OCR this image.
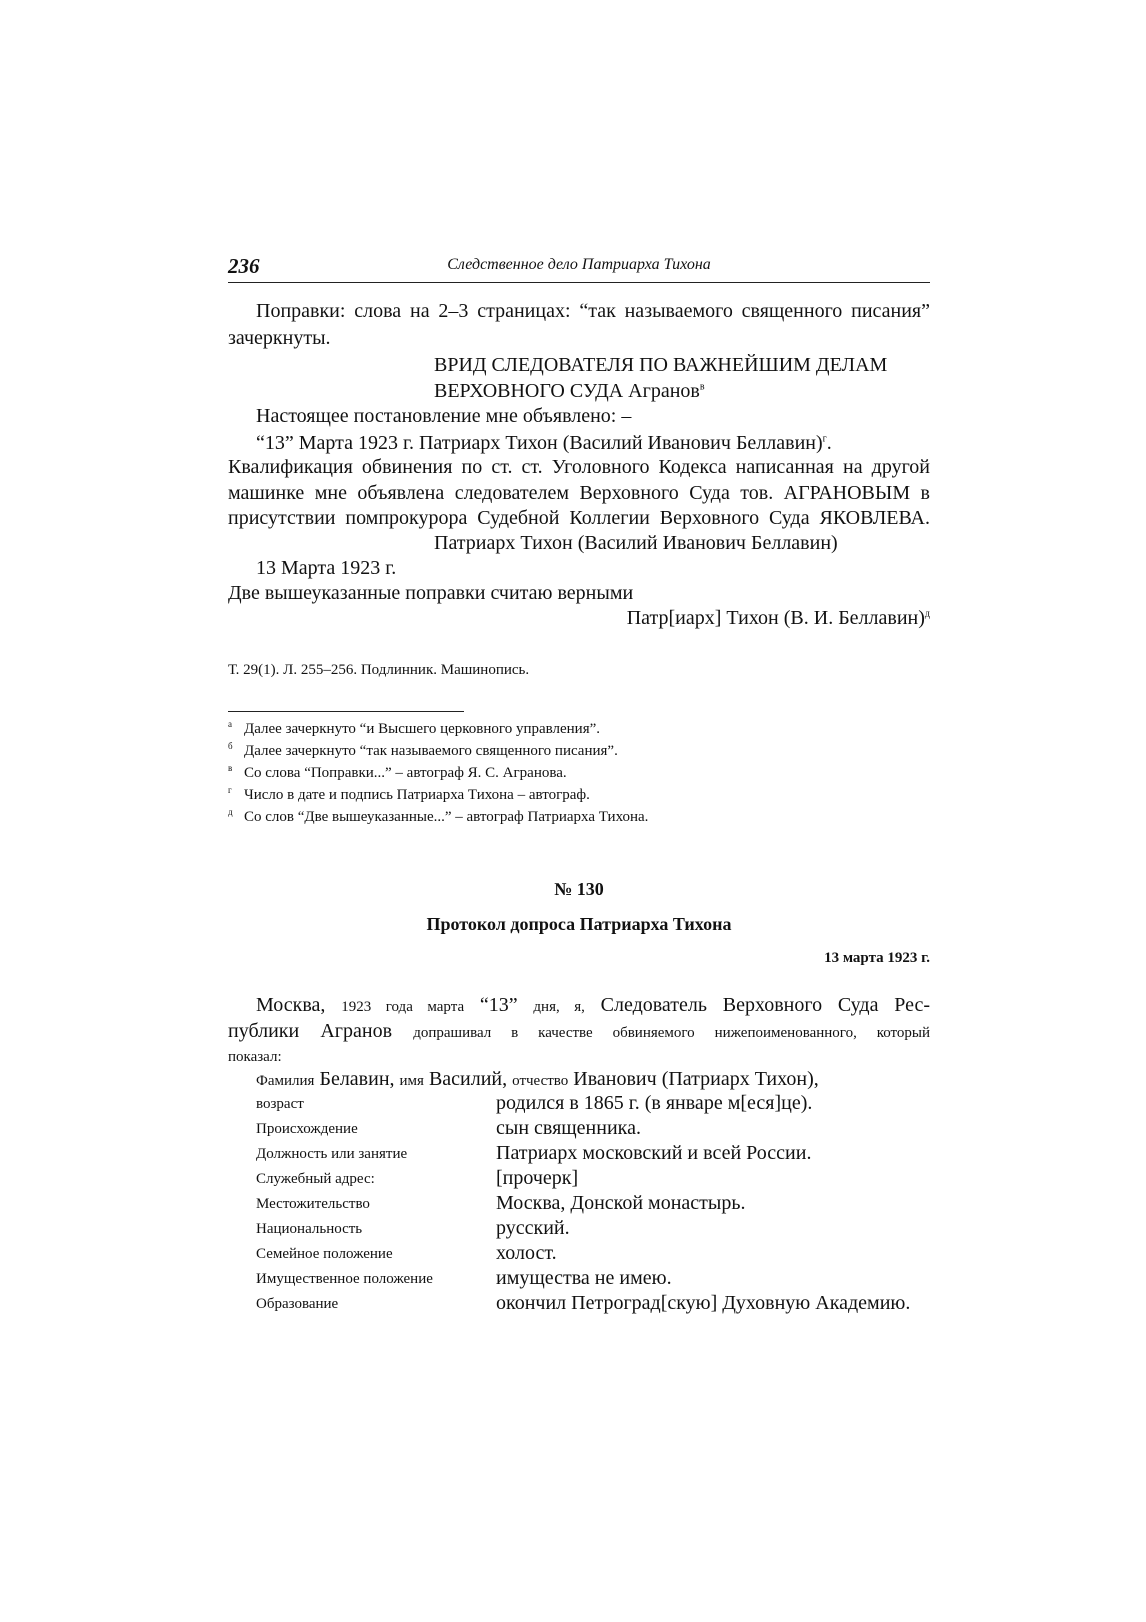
236	Следственное дело Патриарха Тихона
Поправки: слова на 2–3 страницах: “так называемого священного писания”
зачеркнуты.
ВРИД СЛЕДОВАТЕЛЯ ПО ВАЖНЕЙШИМ ДЕЛАМ
ВЕРХОВНОГО СУДА Агранов$^в$
Настоящее постановление мне объявлено: –
“13” Марта 1923 г. Патриарх Тихон (Василий Иванович Беллавин)$^г$.
Квалификация обвинения по ст. ст. Уголовного Кодекса написанная на другой
машинке мне объявлена следователем Верховного Суда тов. АГРАНОВЫМ в
присутствии помпрокурора Судебной Коллегии Верховного Суда ЯКОВЛЕВА.
Патриарх Тихон (Василий Иванович Беллавин)
13 Марта 1923 г.
Две вышеуказанные поправки считаю верными
Патр[иарх] Тихон (В. И. Беллавин)$^д$
Т. 29(1). Л. 255–256. Подлинник. Машинопись.
а Далее зачеркнуто “и Высшего церковного управления”.
б Далее зачеркнуто “так называемого священного писания”.
в Со слова “Поправки...” – автограф Я. С. Агранова.
г Число в дате и подпись Патриарха Тихона – автограф.
д Со слов “Две вышеуказанные...” – автограф Патриарха Тихона.
№ 130
Протокол допроса Патриарха Тихона
13 марта 1923 г.
Москва, 1923 года марта “13” дня, я, Следователь Верховного Суда Рес-
публики Агранов допрашивал в качестве обвиняемого нижепоименованного, который
показал:
Фамилия Белавин, имя Василий, отчество Иванович (Патриарх Тихон),
возраст	родился в 1865 г. (в январе м[еся]це).
Происхождение	сын священника.
Должность или занятие	Патриарх московский и всей России.
Служебный адрес:	[прочерк]
Местожительство	Москва, Донской монастырь.
Национальность	русский.
Семейное положение	холост.
Имущественное положение	имущества не имею.
Образование	окончил Петроград[скую] Духовную Академию.
